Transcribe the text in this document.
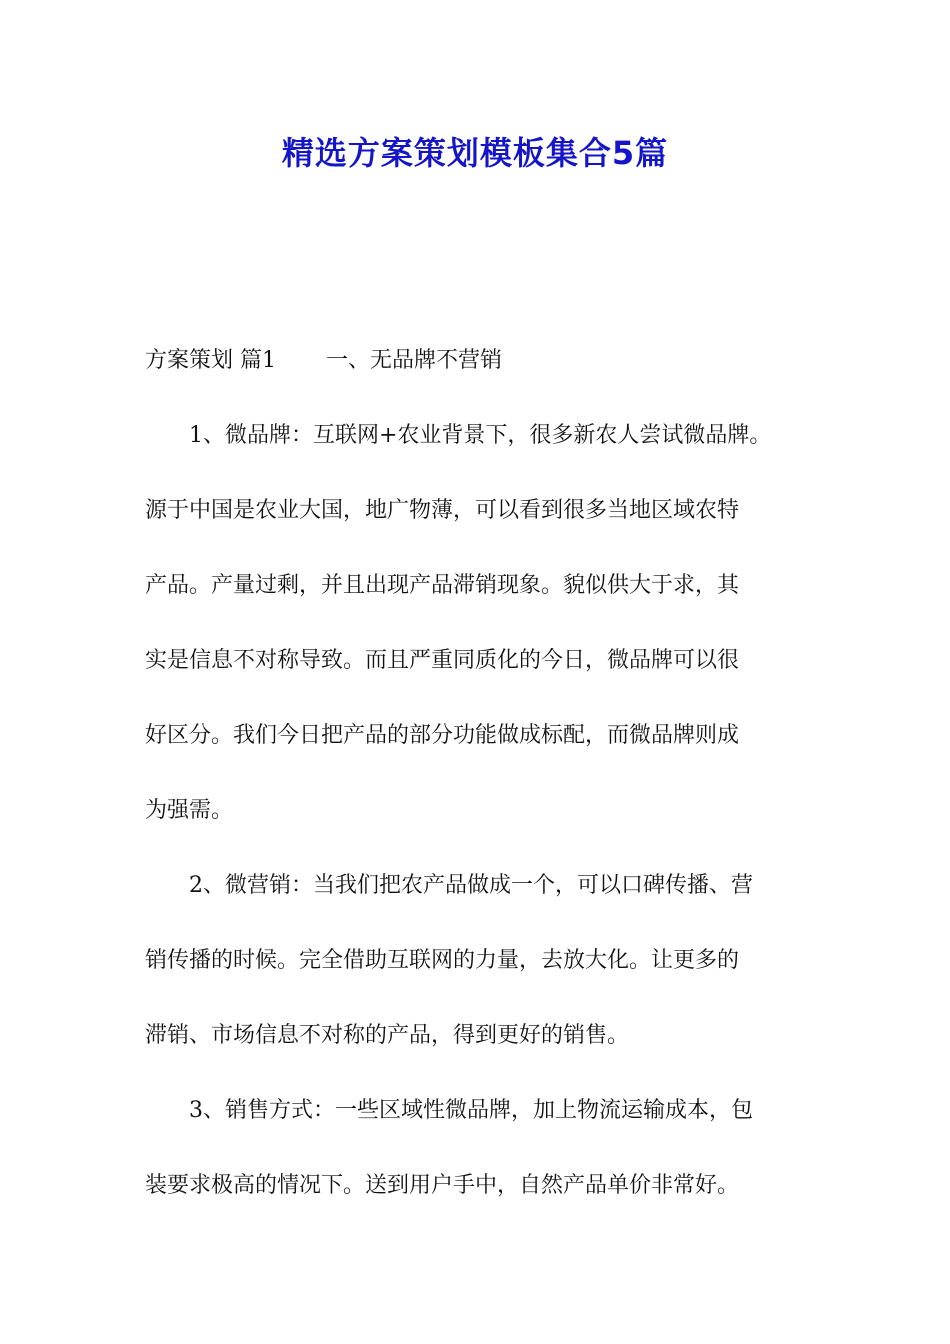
精选方案策划模板集合5篇
方案策划 篇1 一、无品牌不营销
1、微品牌：互联网+农业背景下，很多新农人尝试微品牌。
源于中国是农业大国，地广物薄，可以看到很多当地区域农特
产品。产量过剩，并且出现产品滞销现象。貌似供大于求，其
实是信息不对称导致。而且严重同质化的今日，微品牌可以很
好区分。我们今日把产品的部分功能做成标配，而微品牌则成
为强需。
2、微营销：当我们把农产品做成一个，可以口碑传播、营
销传播的时候。完全借助互联网的力量，去放大化。让更多的
滞销、市场信息不对称的产品，得到更好的销售。
3、销售方式：一些区域性微品牌，加上物流运输成本，包
装要求极高的情况下。送到用户手中，自然产品单价非常好。
